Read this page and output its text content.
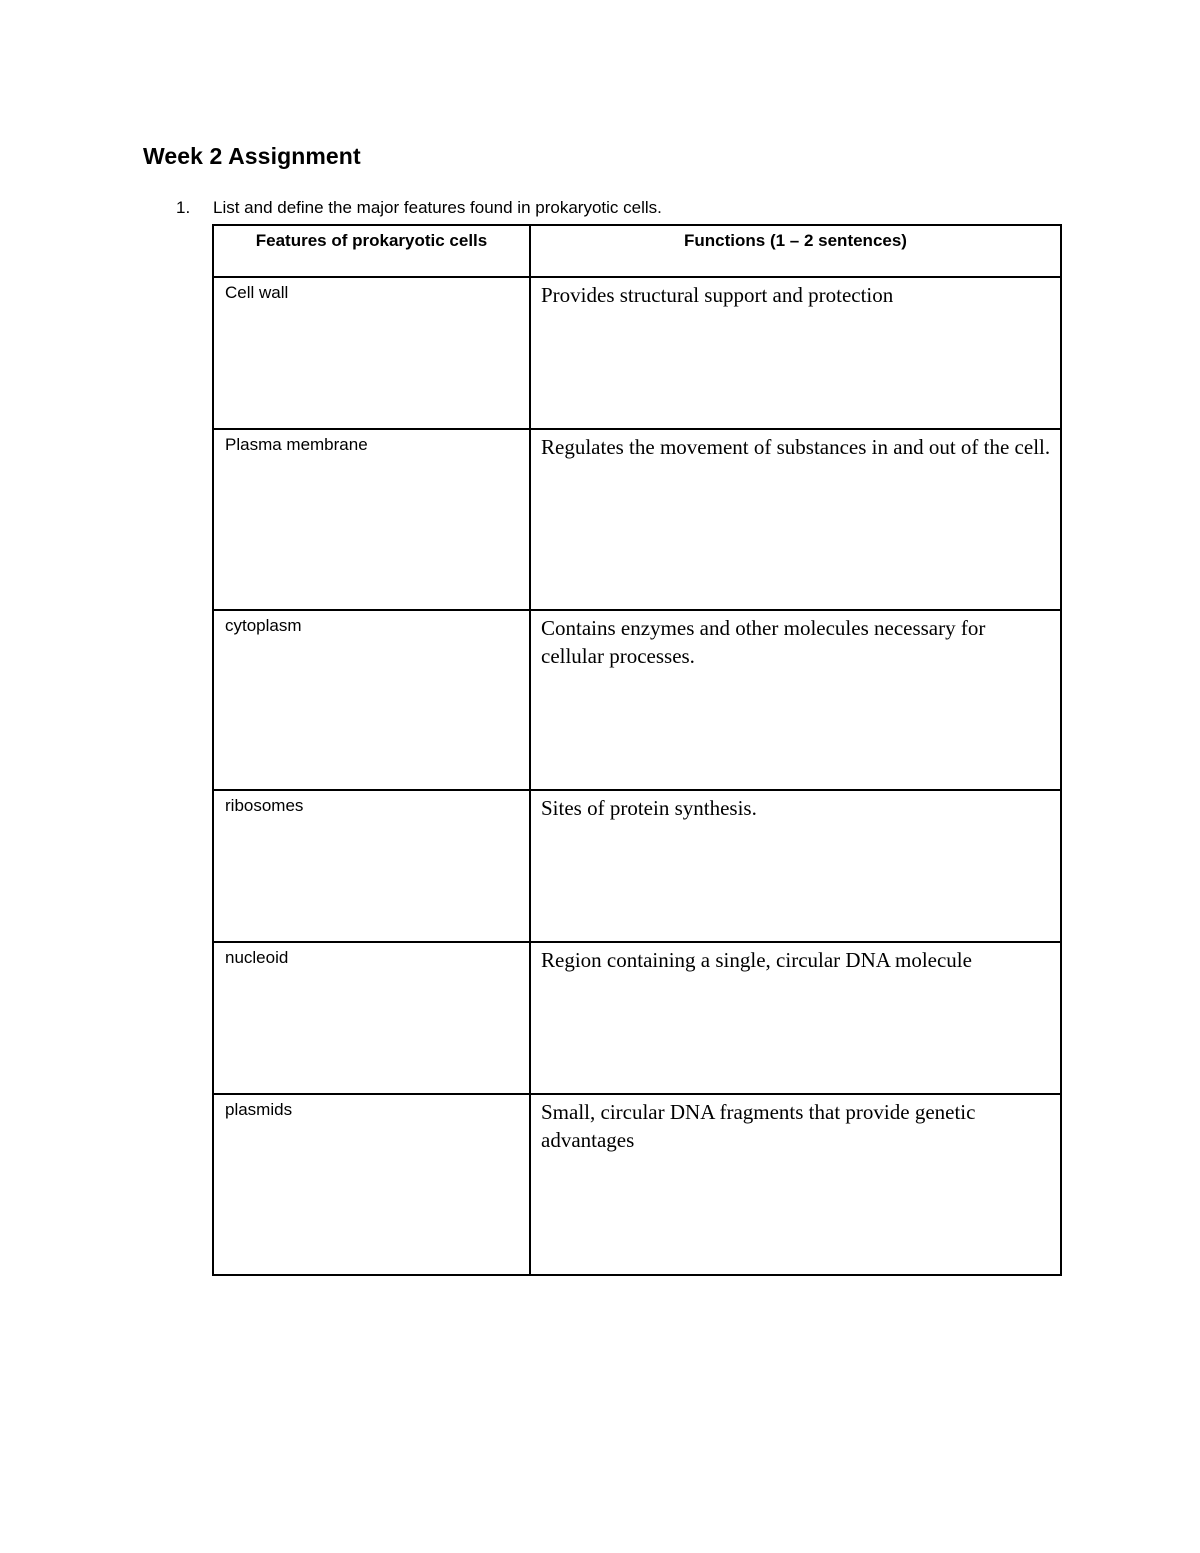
Week 2 Assignment
1. List and define the major features found in prokaryotic cells.
Features of prokaryotic cells	Functions (1 – 2 sentences)

Cell wall	Provides structural support and protection

Plasma membrane	Regulates the movement of substances in and out of the cell.

cytoplasm	Contains enzymes and other molecules necessary for cellular processes.

ribosomes	Sites of protein synthesis.

nucleoid	Region containing a single, circular DNA molecule

plasmids	Small, circular DNA fragments that provide genetic advantages
